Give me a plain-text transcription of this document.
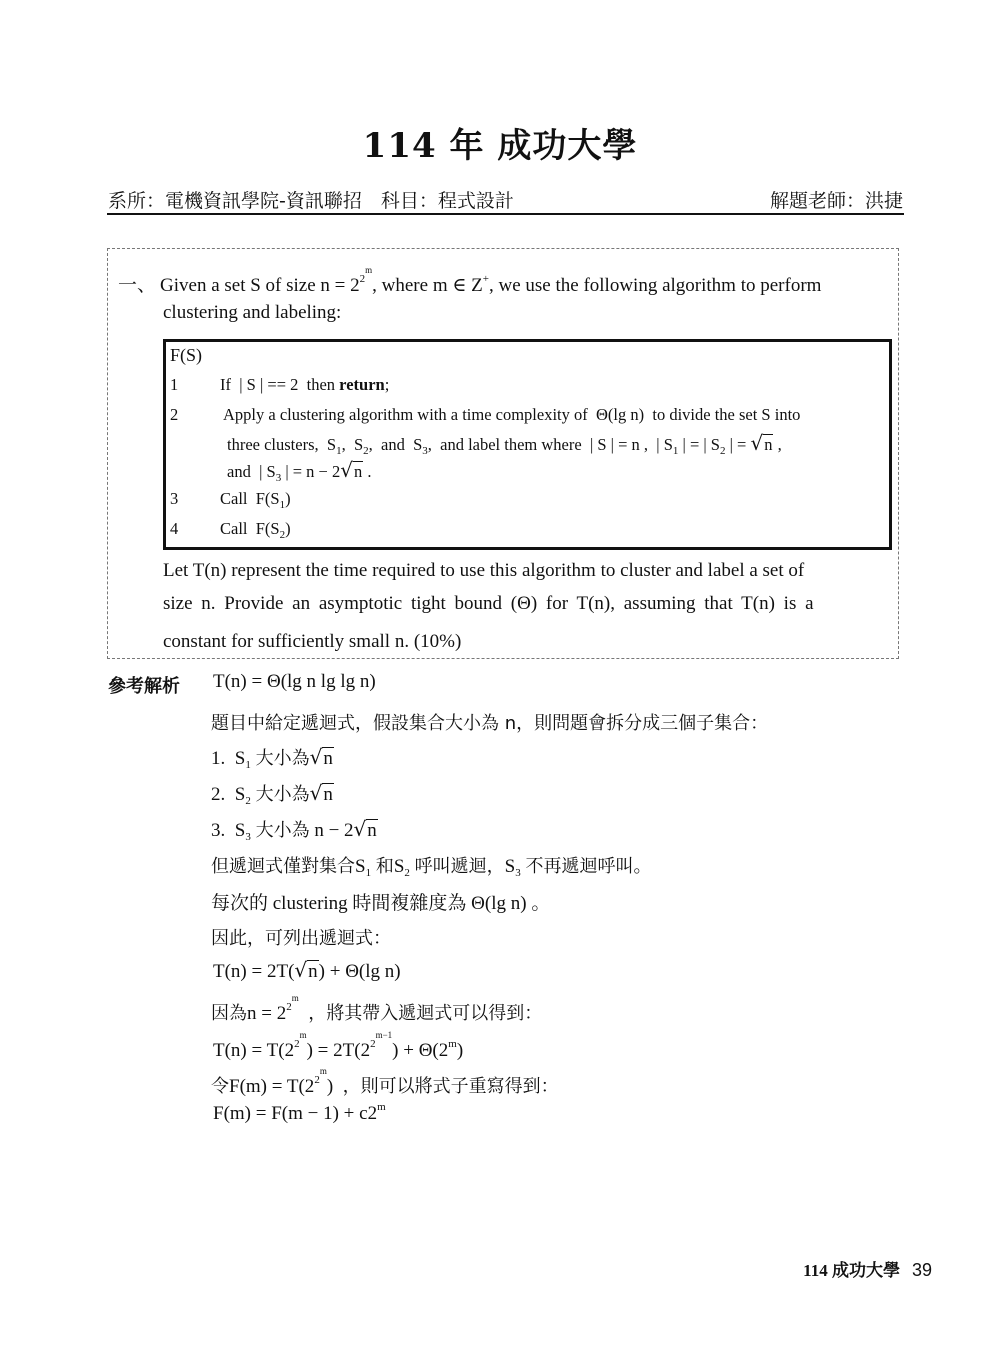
114 年 成功大學
系所：電機資訊學院-資訊聯招　科目：程式設計	解題老師：洪捷
一、 Given a set S of size $n = 2^{2^m}$, where m ∈ Z+, we use the following algorithm to perform
clustering and labeling:
F(S)
1	If  | S | == 2  then return;
2	Apply a clustering algorithm with a time complexity of  Θ(lg n)  to divide the set S into
three clusters,  $S_1$,  $S_2$,  and  $S_3$,  and label them where  | S | = n ,  | $S_1$ | = | $S_2$ | = √n ,
and  | $S_3$ | = n − 2√n .
3	Call  $F(S_1)$
4	Call  $F(S_2)$
Let T(n) represent the time required to use this algorithm to cluster and label a set of
size n. Provide an asymptotic tight bound (Θ) for T(n), assuming that T(n) is a
constant for sufficiently small n. (10%)
參考解析 T(n) = Θ(lg n lg lg n)
題目中給定遞迴式，假設集合大小為 n，則問題會拆分成三個子集合：
1.  $S_1$ 大小為√n
2.  $S_2$ 大小為√n
3.  $S_3$ 大小為 n − 2√n
但遞迴式僅對集合$S_1$ 和$S_2$ 呼叫遞迴，$S_3$ 不再遞迴呼叫。
每次的 clustering 時間複雜度為 Θ(lg n) 。
因此，可列出遞迴式：
T(n) = 2T(√n) + Θ(lg n)
因為$n = 2^{2^m}$  ，將其帶入遞迴式可以得到：
$T(n) = T(2^{2^m}) = 2T(2^{2^{m-1}}) + \Theta(2^m)$
令$F(m) = T(2^{2^m})$  ，則可以將式子重寫得到：
$F(m) = F(m - 1) + c2^m$
114 成功大學 39
